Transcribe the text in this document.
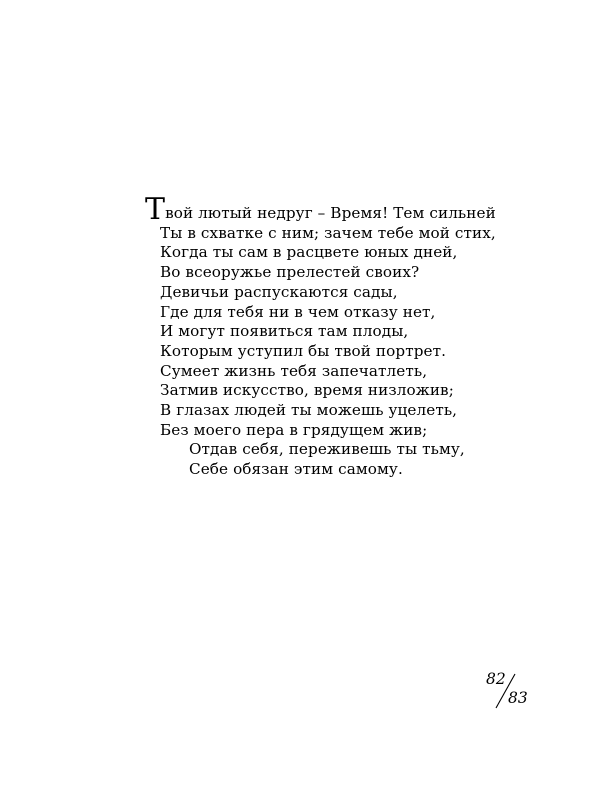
Твой лютый недруг – Время! Тем сильней
Ты в схватке с ним; зачем тебе мой стих,
Когда ты сам в расцвете юных дней,
Во всеоружье прелестей своих?
Девичьи распускаются сады,
Где для тебя ни в чем отказу нет,
И могут появиться там плоды,
Которым уступил бы твой портрет.
Сумеет жизнь тебя запечатлеть,
Затмив искусство, время низложив;
В глазах людей ты можешь уцелеть,
Без моего пера в грядущем жив;
Отдав себя, переживешь ты тьму,
Себе обязан этим самому.
82
83
